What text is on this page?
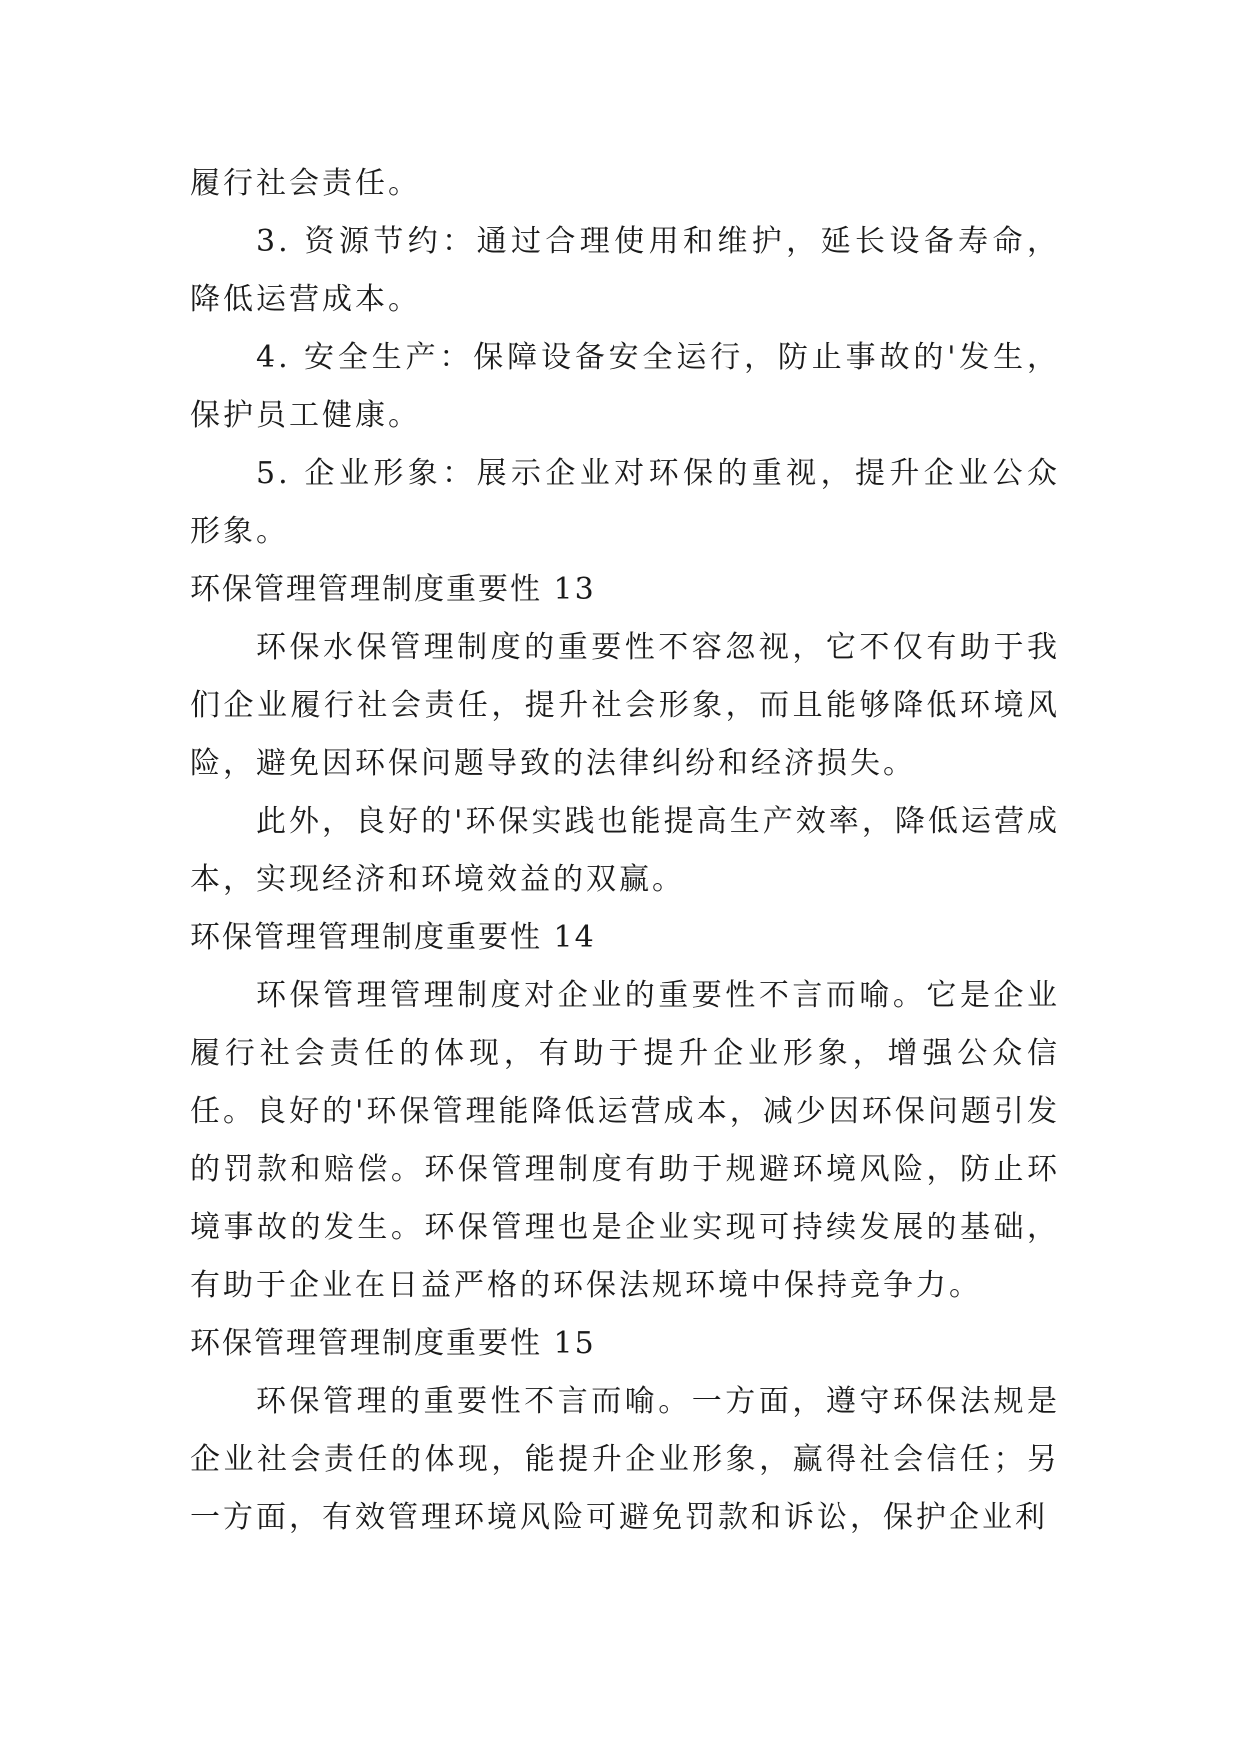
履行社会责任。

3. 资源节约：通过合理使用和维护，延长设备寿命，降低运营成本。

4. 安全生产：保障设备安全运行，防止事故的'发生，保护员工健康。

5. 企业形象：展示企业对环保的重视，提升企业公众形象。

环保管理管理制度重要性 13

环保水保管理制度的重要性不容忽视，它不仅有助于我们企业履行社会责任，提升社会形象，而且能够降低环境风险，避免因环保问题导致的法律纠纷和经济损失。

此外，良好的'环保实践也能提高生产效率，降低运营成本，实现经济和环境效益的双赢。

环保管理管理制度重要性 14

环保管理管理制度对企业的重要性不言而喻。它是企业履行社会责任的体现，有助于提升企业形象，增强公众信任。良好的'环保管理能降低运营成本，减少因环保问题引发的罚款和赔偿。环保管理制度有助于规避环境风险，防止环境事故的发生。环保管理也是企业实现可持续发展的基础，有助于企业在日益严格的环保法规环境中保持竞争力。

环保管理管理制度重要性 15

环保管理的重要性不言而喻。一方面，遵守环保法规是企业社会责任的体现，能提升企业形象，赢得社会信任；另一方面，有效管理环境风险可避免罚款和诉讼，保护企业利
